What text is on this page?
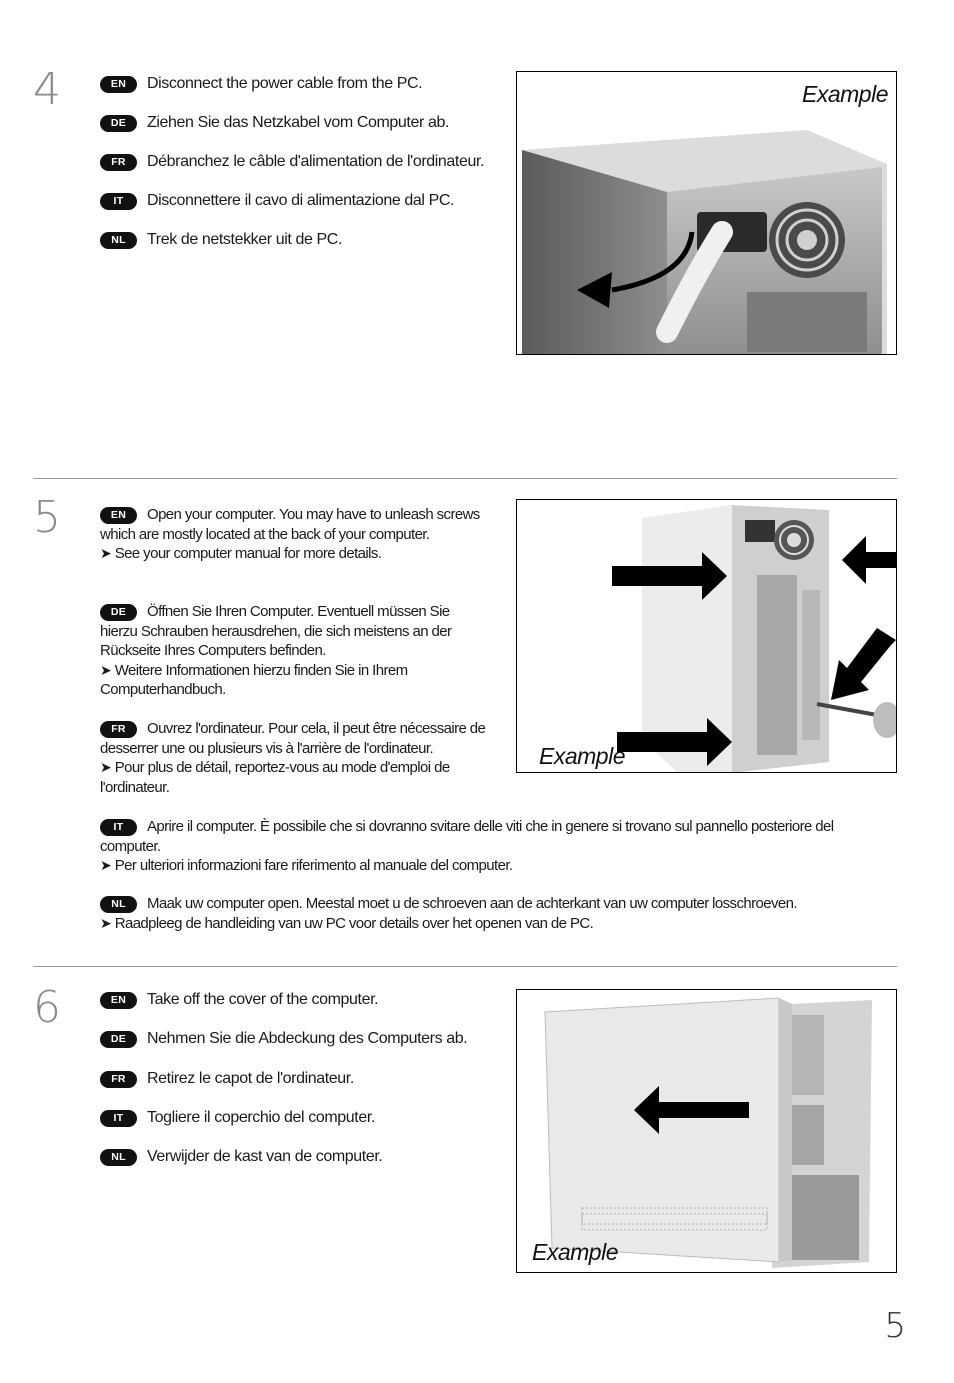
4	EN Disconnect the power cable from the PC.
DE Ziehen Sie das Netzkabel vom Computer ab.
FR Débranchez le câble d'alimentation de l'ordinateur.
IT Disconnettere il cavo di alimentazione dal PC.
NL Trek de netstekker uit de PC.
Example
5	EN Open your computer. You may have to unleash screws which are mostly located at the back of your computer.
➤ See your computer manual for more details.
DE Öffnen Sie Ihren Computer. Eventuell müssen Sie hierzu Schrauben herausdrehen, die sich meistens an der Rückseite Ihres Computers befinden.
➤ Weitere Informationen hierzu finden Sie in Ihrem Computerhandbuch.
FR Ouvrez l'ordinateur. Pour cela, il peut être nécessaire de desserrer une ou plusieurs vis à l'arrière de l'ordinateur.
➤ Pour plus de détail, reportez-vous au mode d'emploi de l'ordinateur.
IT Aprire il computer. È possibile che si dovranno svitare delle viti che in genere si trovano sul pannello posteriore del computer.
➤ Per ulteriori informazioni fare riferimento al manuale del computer.
NL Maak uw computer open. Meestal moet u de schroeven aan de achterkant van uw computer losschroeven.
➤ Raadpleeg de handleiding van uw PC voor details over het openen van de PC.
Example
6	EN Take off the cover of the computer.
DE Nehmen Sie die Abdeckung des Computers ab.
FR Retirez le capot de l'ordinateur.
IT Togliere il coperchio del computer.
NL Verwijder de kast van de computer.
Example
5
